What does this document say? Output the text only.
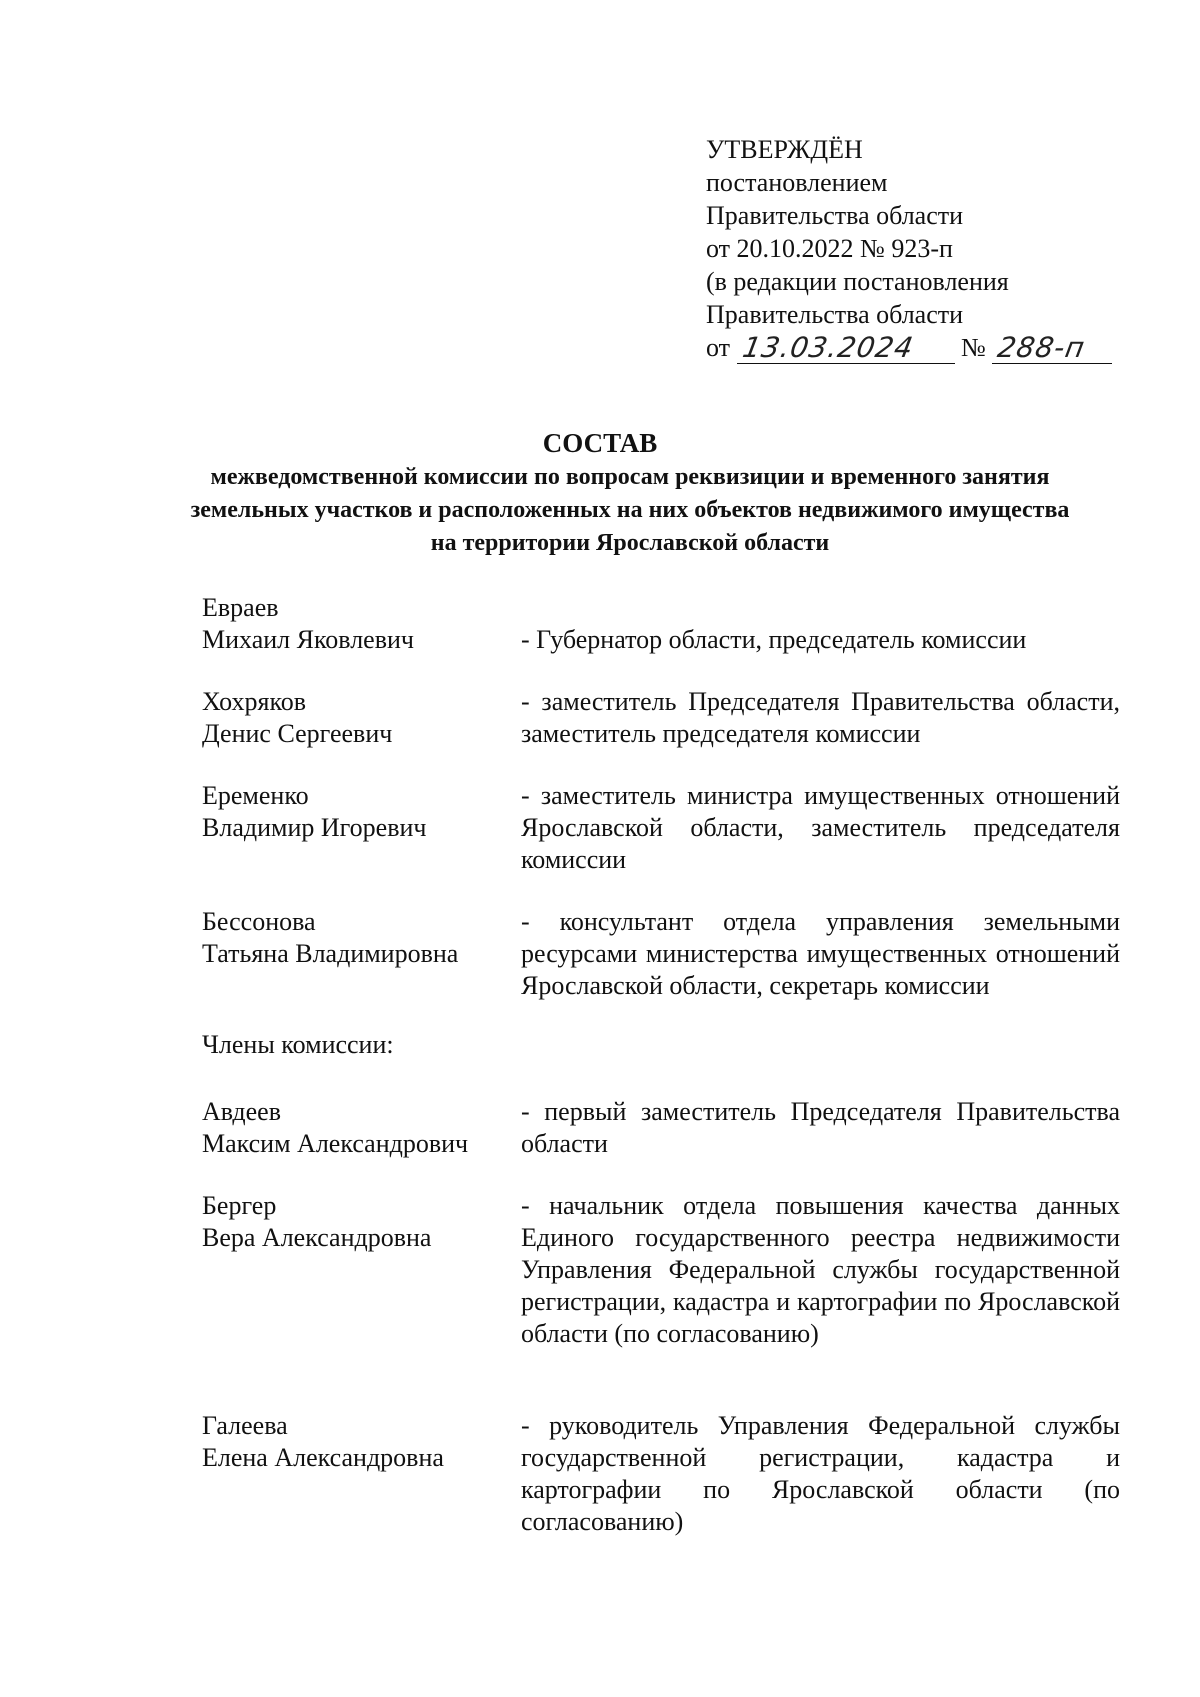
УТВЕРЖДЁН
постановлением
Правительства области
от 20.10.2022 № 923-п
(в редакции постановления
Правительства области
от 13.03.2024 № 288-п
СОСТАВ
межведомственной комиссии по вопросам реквизиции и временного занятия земельных участков и расположенных на них объектов недвижимого имущества на территории Ярославской области
Евраев
Михаил Яковлевич	- Губернатор области, председатель комиссии
Хохряков
Денис Сергеевич
- заместитель Председателя Правительства области, заместитель председателя комиссии
Еременко
Владимир Игоревич
- заместитель министра имущественных отношений Ярославской области, заместитель председателя комиссии
Бессонова
Татьяна Владимировна
- консультант отдела управления земельными ресурсами министерства имущественных отношений Ярославской области, секретарь комиссии
Члены комиссии:
Авдеев
Максим Александрович
- первый заместитель Председателя Правительства области
Бергер
Вера Александровна
- начальник отдела повышения качества данных Единого государственного реестра недвижимости Управления Федеральной службы государственной регистрации, кадастра и картографии по Ярославской области (по согласованию)
Галеева
Елена Александровна
- руководитель Управления Федеральной службы государственной регистрации, кадастра и картографии по Ярославской области (по согласованию)
